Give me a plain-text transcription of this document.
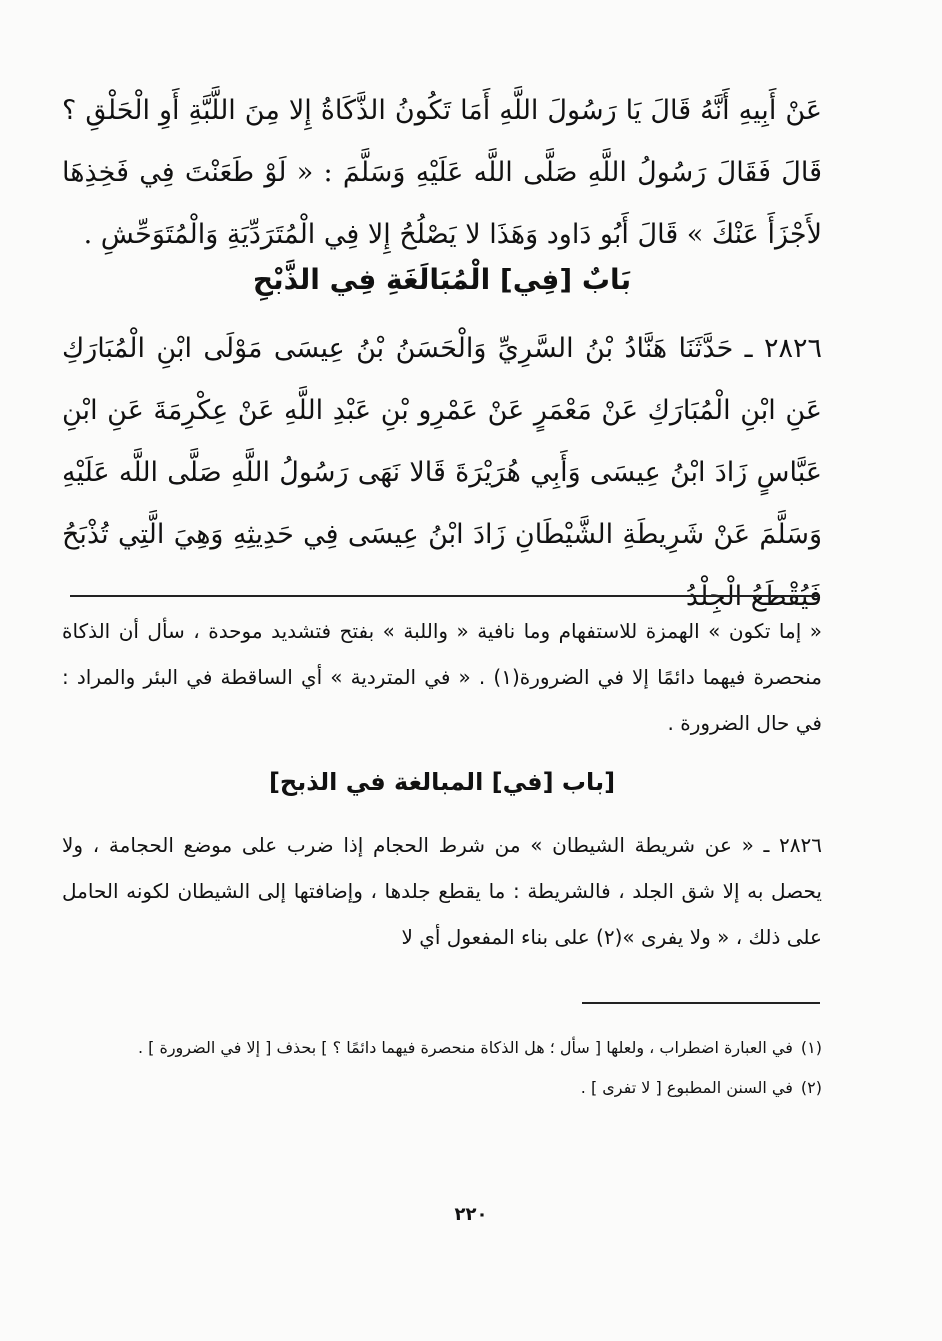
عَنْ أَبِيهِ أَنَّهُ قَالَ يَا رَسُولَ اللَّهِ أَمَا تَكُونُ الذَّكَاةُ إِلا مِنَ اللَّبَّةِ أَوِ الْحَلْقِ ؟ قَالَ فَقَالَ رَسُولُ اللَّهِ صَلَّى اللَّه عَلَيْهِ وَسَلَّمَ : « لَوْ طَعَنْتَ فِي فَخِذِهَا لأَجْزَأَ عَنْكَ » قَالَ أَبُو دَاود وَهَذَا لا يَصْلُحُ إِلا فِي الْمُتَرَدِّيَةِ وَالْمُتَوَحِّشِ .
بَابٌ [فِي] الْمُبَالَغَةِ فِي الذَّبْحِ
٢٨٢٦ ـ حَدَّثَنَا هَنَّادُ بْنُ السَّرِيِّ وَالْحَسَنُ بْنُ عِيسَى مَوْلَى ابْنِ الْمُبَارَكِ عَنِ ابْنِ الْمُبَارَكِ عَنْ مَعْمَرٍ عَنْ عَمْرِو بْنِ عَبْدِ اللَّهِ عَنْ عِكْرِمَةَ عَنِ ابْنِ عَبَّاسٍ زَادَ ابْنُ عِيسَى وَأَبِي هُرَيْرَةَ قَالا نَهَى رَسُولُ اللَّهِ صَلَّى اللَّه عَلَيْهِ وَسَلَّمَ عَنْ شَرِيطَةِ الشَّيْطَانِ زَادَ ابْنُ عِيسَى فِي حَدِيثِهِ وَهِيَ الَّتِي تُذْبَحُ فَيُقْطَعُ الْجِلْدُ
« إما تكون » الهمزة للاستفهام وما نافية « واللبة » بفتح فتشديد موحدة ، سأل أن الذكاة منحصرة فيهما دائمًا إلا في الضرورة(١) . « في المتردية » أي الساقطة في البئر والمراد : في حال الضرورة .
[باب [في] المبالغة في الذبح]
٢٨٢٦ ـ « عن شريطة الشيطان » من شرط الحجام إذا ضرب على موضع الحجامة ، ولا يحصل به إلا شق الجلد ، فالشريطة : ما يقطع جلدها ، وإضافتها إلى الشيطان لكونه الحامل على ذلك ، « ولا يفرى »(٢) على بناء المفعول أي لا
(١)في العبارة اضطراب ، ولعلها [ سأل ؛ هل الذكاة منحصرة فيهما دائمًا ؟ ] بحذف [ إلا في الضرورة ] .
(٢)في السنن المطبوع [ لا تفرى ] .
٢٢٠
